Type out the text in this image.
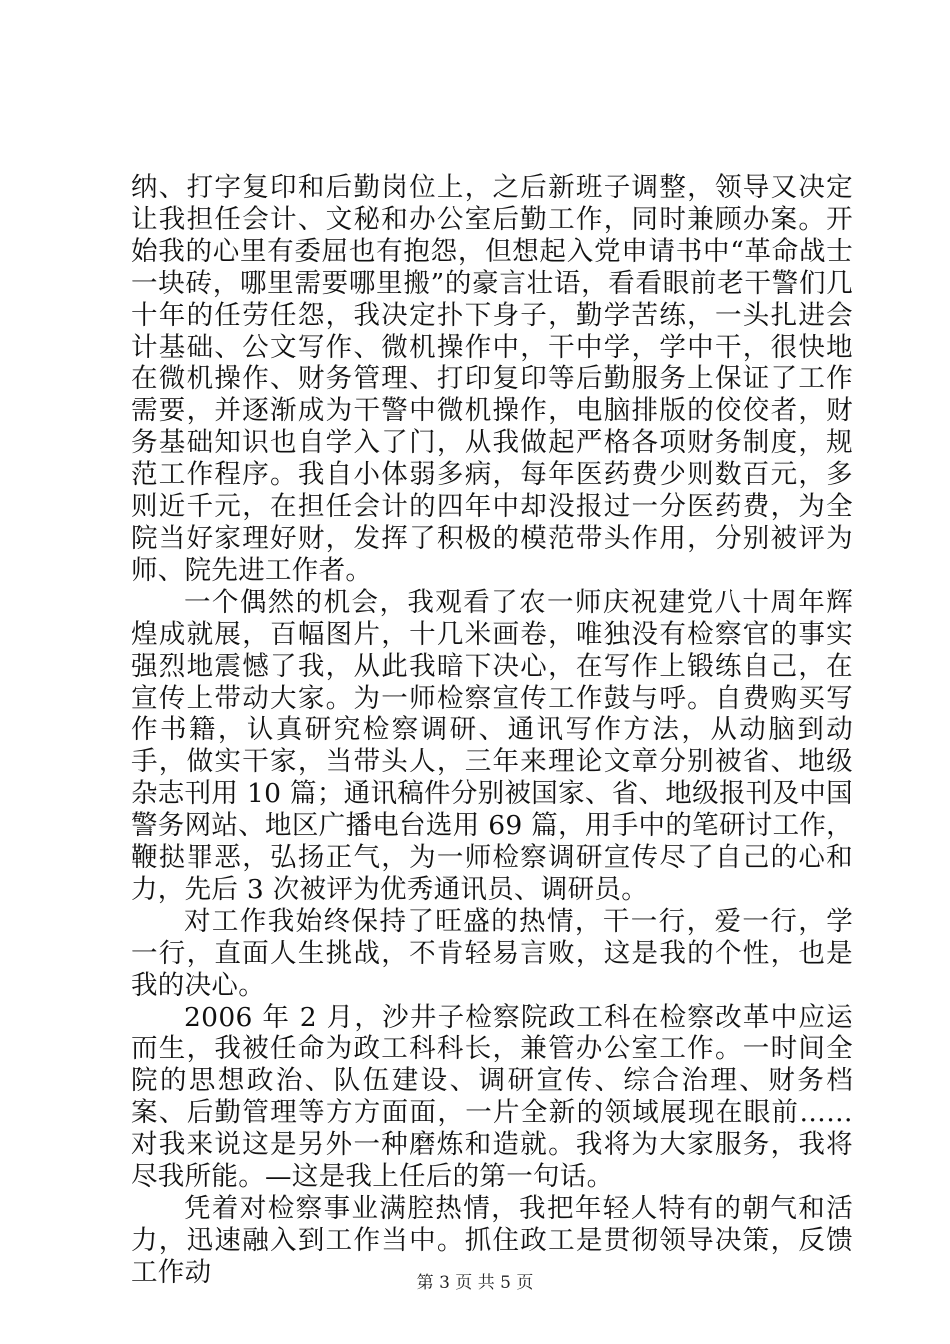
纳、打字复印和后勤岗位上，之后新班子调整，领导又决定让我担任会计、文秘和办公室后勤工作，同时兼顾办案。开始我的心里有委屈也有抱怨，但想起入党申请书中“革命战士一块砖，哪里需要哪里搬”的豪言壮语，看看眼前老干警们几十年的任劳任怨，我决定扑下身子，勤学苦练，一头扎进会计基础、公文写作、微机操作中，干中学，学中干，很快地在微机操作、财务管理、打印复印等后勤服务上保证了工作需要，并逐渐成为干警中微机操作，电脑排版的佼佼者，财务基础知识也自学入了门，从我做起严格各项财务制度，规范工作程序。我自小体弱多病，每年医药费少则数百元，多则近千元，在担任会计的四年中却没报过一分医药费，为全院当好家理好财，发挥了积极的模范带头作用，分别被评为师、院先进工作者。

一个偶然的机会，我观看了农一师庆祝建党八十周年辉煌成就展，百幅图片，十几米画卷，唯独没有检察官的事实强烈地震憾了我，从此我暗下决心，在写作上锻练自己，在宣传上带动大家。为一师检察宣传工作鼓与呼。自费购买写作书籍，认真研究检察调研、通讯写作方法，从动脑到动手，做实干家，当带头人，三年来理论文章分别被省、地级杂志刊用 10 篇；通讯稿件分别被国家、省、地级报刊及中国警务网站、地区广播电台选用 69 篇，用手中的笔研讨工作，鞭挞罪恶，弘扬正气，为一师检察调研宣传尽了自己的心和力，先后 3 次被评为优秀通讯员、调研员。

对工作我始终保持了旺盛的热情，干一行，爱一行，学一行，直面人生挑战，不肯轻易言败，这是我的个性，也是我的决心。

2006 年 2 月，沙井子检察院政工科在检察改革中应运而生，我被任命为政工科科长，兼管办公室工作。一时间全院的思想政治、队伍建设、调研宣传、综合治理、财务档案、后勤管理等方方面面，一片全新的领域展现在眼前……对我来说这是另外一种磨炼和造就。我将为大家服务，我将尽我所能。—这是我上任后的第一句话。

凭着对检察事业满腔热情，我把年轻人特有的朝气和活力，迅速融入到工作当中。抓住政工是贯彻领导决策，反馈工作动	第 3 页 共 5 页
